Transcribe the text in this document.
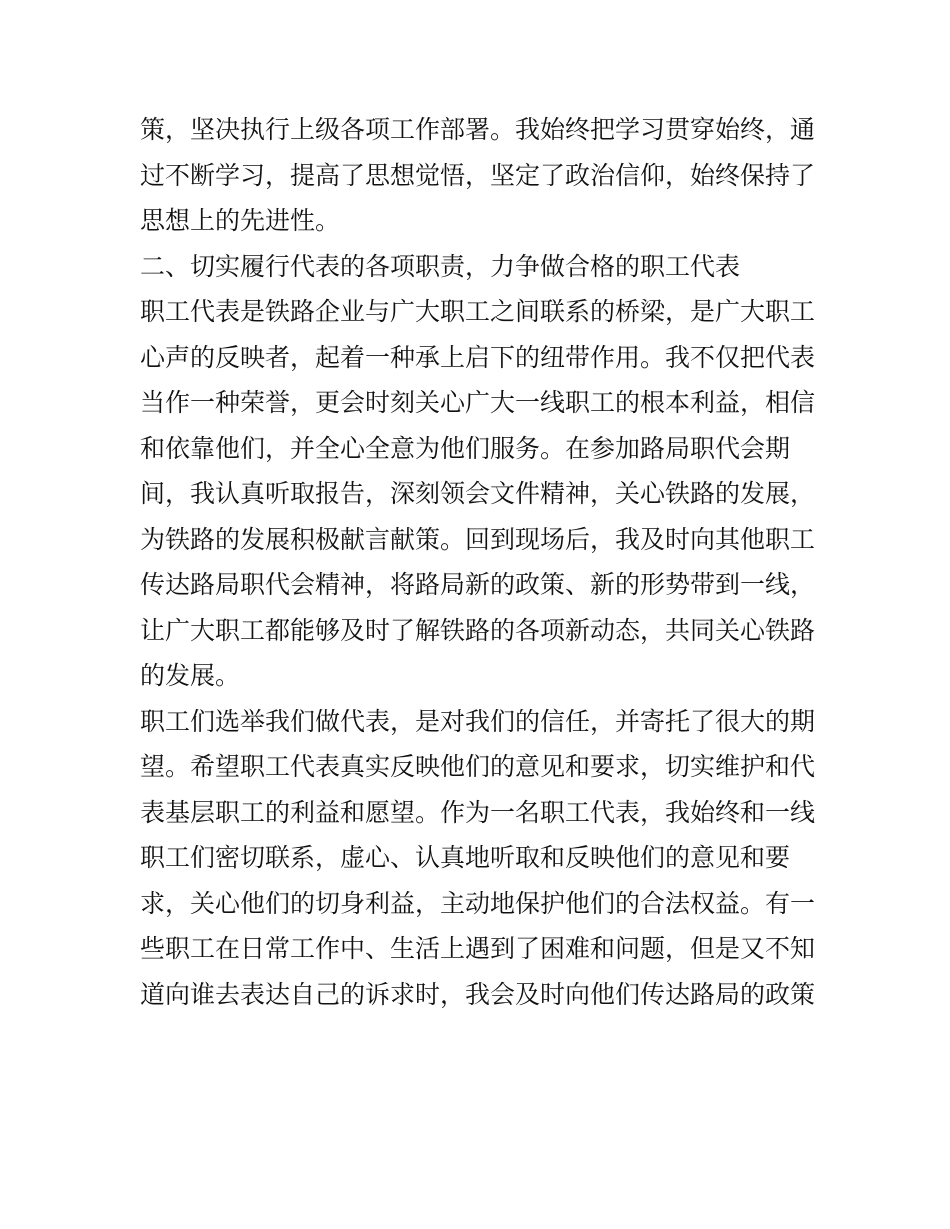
策，坚决执行上级各项工作部署。我始终把学习贯穿始终，通
过不断学习，提高了思想觉悟，坚定了政治信仰，始终保持了
思想上的先进性。
二、切实履行代表的各项职责，力争做合格的职工代表
职工代表是铁路企业与广大职工之间联系的桥梁，是广大职工
心声的反映者，起着一种承上启下的纽带作用。我不仅把代表
当作一种荣誉，更会时刻关心广大一线职工的根本利益，相信
和依靠他们，并全心全意为他们服务。在参加路局职代会期
间，我认真听取报告，深刻领会文件精神，关心铁路的发展，
为铁路的发展积极献言献策。回到现场后，我及时向其他职工
传达路局职代会精神，将路局新的政策、新的形势带到一线，
让广大职工都能够及时了解铁路的各项新动态，共同关心铁路
的发展。
职工们选举我们做代表，是对我们的信任，并寄托了很大的期
望。希望职工代表真实反映他们的意见和要求，切实维护和代
表基层职工的利益和愿望。作为一名职工代表，我始终和一线
职工们密切联系，虚心、认真地听取和反映他们的意见和要
求，关心他们的切身利益，主动地保护他们的合法权益。有一
些职工在日常工作中、生活上遇到了困难和问题，但是又不知
道向谁去表达自己的诉求时，我会及时向他们传达路局的政策
